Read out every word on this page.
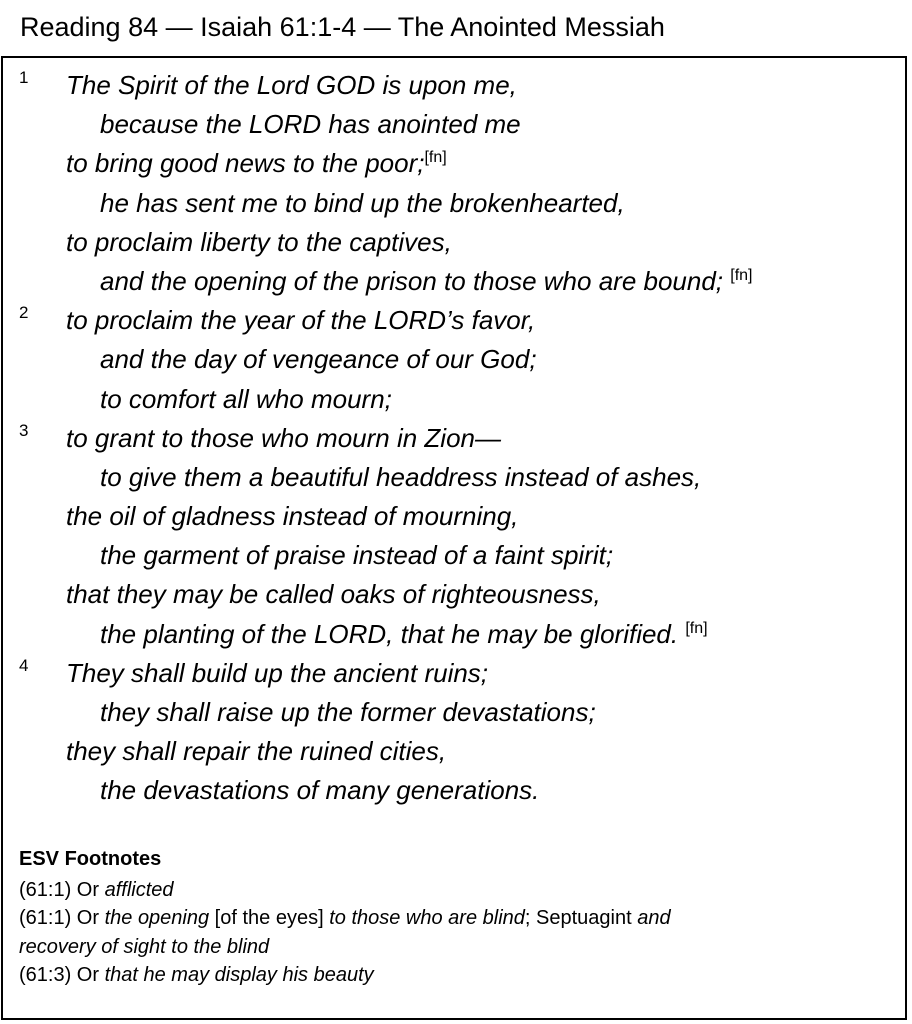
Reading 84 — Isaiah 61:1-4 — The Anointed Messiah
1 The Spirit of the Lord GOD is upon me,
because the LORD has anointed me
to bring good news to the poor;[fn]
he has sent me to bind up the brokenhearted,
to proclaim liberty to the captives,
and the opening of the prison to those who are bound; [fn]
2 to proclaim the year of the LORD’s favor,
and the day of vengeance of our God;
to comfort all who mourn;
3 to grant to those who mourn in Zion—
to give them a beautiful headdress instead of ashes,
the oil of gladness instead of mourning,
the garment of praise instead of a faint spirit;
that they may be called oaks of righteousness,
the planting of the LORD, that he may be glorified. [fn]
4 They shall build up the ancient ruins;
they shall raise up the former devastations;
they shall repair the ruined cities,
the devastations of many generations.
ESV Footnotes
(61:1) Or afflicted
(61:1) Or the opening [of the eyes] to those who are blind; Septuagint and
recovery of sight to the blind
(61:3) Or that he may display his beauty
